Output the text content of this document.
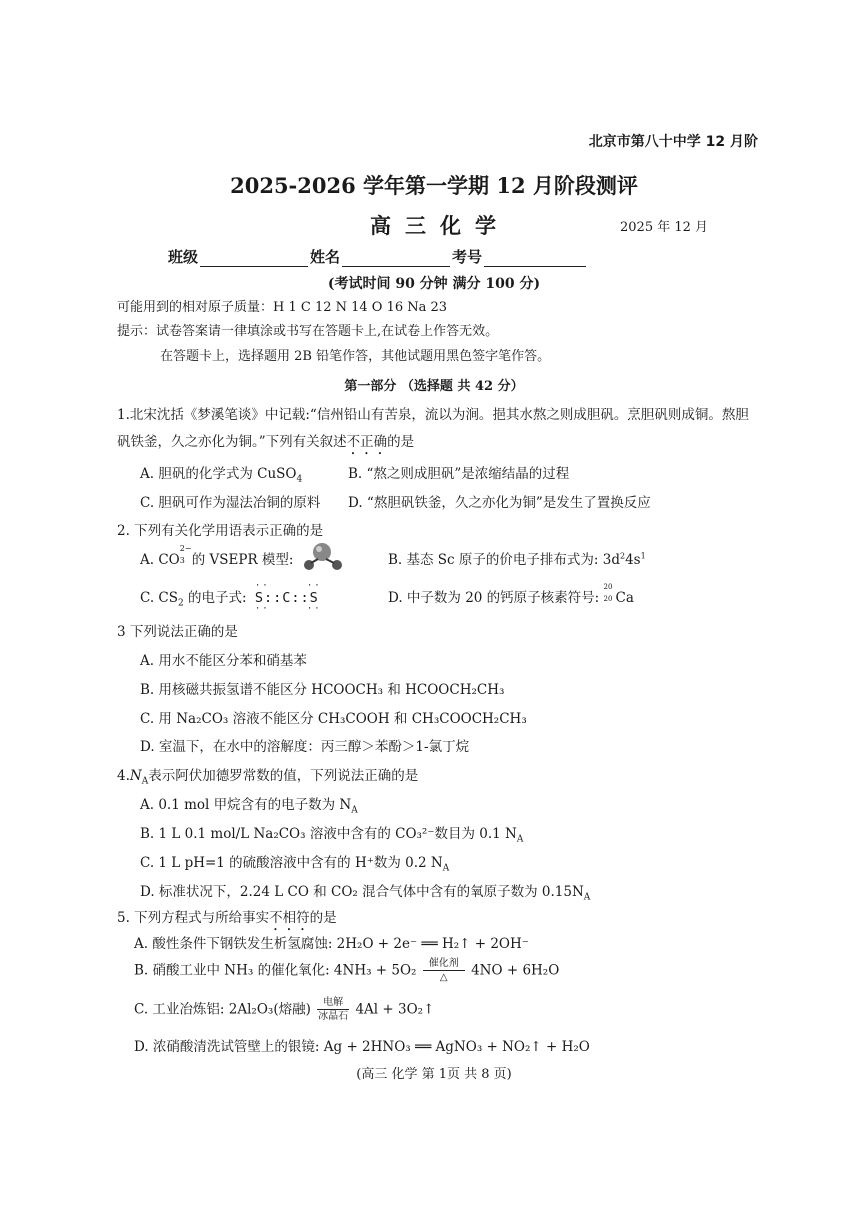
北京市第八十中学 12 月阶
2025-2026 学年第一学期 12 月阶段测评
高三化学	2025 年 12 月
班级	姓名	考号
(考试时间 90 分钟 满分 100 分)
可能用到的相对原子质量：H 1 C 12 N 14 O 16 Na 23
提示：试卷答案请一律填涂或书写在答题卡上,在试卷上作答无效。
在答题卡上，选择题用 2B 铅笔作答，其他试题用黑色签字笔作答。
第一部分 （选择题 共 42 分）
1.北宋沈括《梦溪笔谈》中记载:“信州铅山有苦泉，流以为涧。挹其水熬之则成胆矾。烹胆矾则成铜。熬胆
矾铁釜，久之亦化为铜。”下列有关叙述不正确的是
A. 胆矾的化学式为 CuSO$_4$	B. “熬之则成胆矾”是浓缩结晶的过程
C. 胆矾可作为湿法冶铜的原料 D. “熬胆矾铁釜，久之亦化为铜”是发生了置换反应
2. 下列有关化学用语表示正确的是
A. CO
2−
3 的 VSEPR 模型:	B. 基态 Sc 原子的价电子排布式为: $3d^24s^1$
C. $CS_2$ 的电子式:
··     ··
S::C::S
··     ··
D. 中子数为 20 的钙原子核素符号:
20
20 Ca
3 下列说法正确的是
A. 用水不能区分苯和硝基苯
B. 用核磁共振氢谱不能区分 HCOOCH₃ 和 HCOOCH₂CH₃
C. 用 Na₂CO₃ 溶液不能区分 CH₃COOH 和 CH₃COOCH₂CH₃
D. 室温下，在水中的溶解度：丙三醇＞苯酚＞1-氯丁烷
$4.N_A$表示阿伏加德罗常数的值，下列说法正确的是
A. 0.1 mol 甲烷含有的电子数为 $N_A$
B. 1 L 0.1 mol/L Na₂CO₃ 溶液中含有的 CO₃²⁻数目为 0.1 $N_A$
C. 1 L pH=1 的硫酸溶液中含有的 H⁺数为 0.2 $N_A$
D. 标准状况下，2.24 L CO 和 CO₂ 混合气体中含有的氧原子数为 $0.15N_A$
5. 下列方程式与所给事实不相符的是
A. 酸性条件下钢铁发生析氢腐蚀: 2H₂O + 2e⁻ ══ H₂↑ + 2OH⁻
B. 硝酸工业中 NH₃ 的催化氧化: 4NH₃ + 5O₂	催化剂
△	4NO + 6H₂O
C. 工业冶炼铝: 2Al₂O₃(熔融)	电解
冰晶石 4Al + 3O₂↑
D. 浓硝酸清洗试管壁上的银镜: Ag + 2HNO₃ ══ AgNO₃ + NO₂↑ + H₂O
(高三 化学 第 1页 共 8 页)
